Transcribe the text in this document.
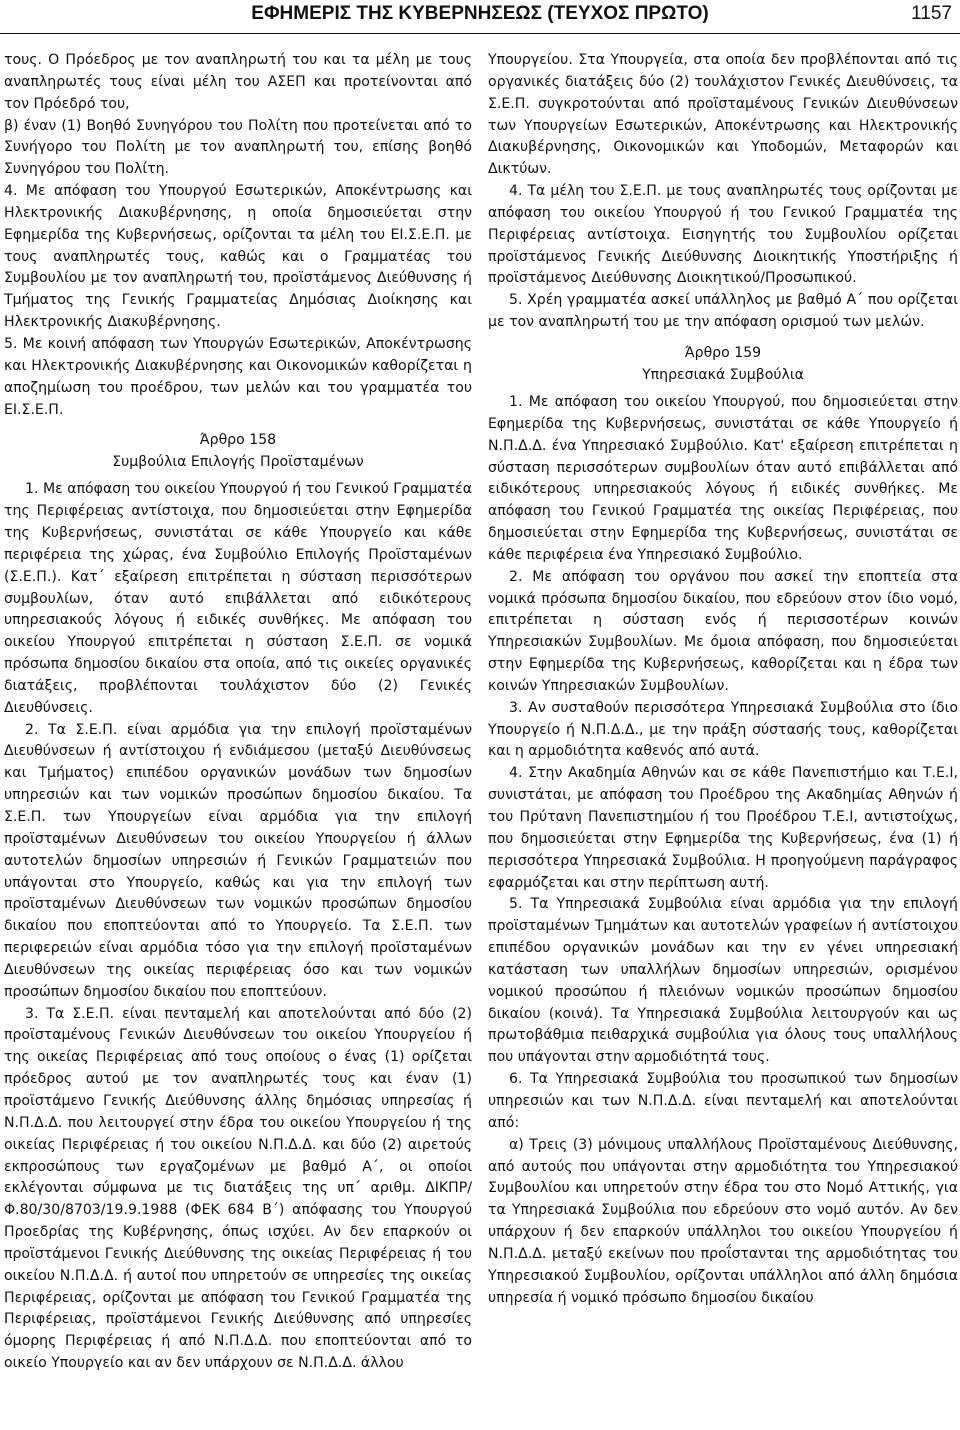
ΕΦΗΜΕΡΙΣ ΤΗΣ ΚΥΒΕΡΝΗΣΕΩΣ (ΤΕΥΧΟΣ ΠΡΩΤΟ)	1157

τους. Ο Πρόεδρος με τον αναπληρωτή του και τα μέλη με τους αναπληρωτές τους είναι μέλη του ΑΣΕΠ και προτείνονται από τον Πρόεδρό του,

β) έναν (1) Βοηθό Συνηγόρου του Πολίτη που προτείνεται από το Συνήγορο του Πολίτη με τον αναπληρωτή του, επίσης βοηθό Συνηγόρου του Πολίτη.

4. Με απόφαση του Υπουργού Εσωτερικών, Αποκέντρωσης και Ηλεκτρονικής Διακυβέρνησης, η οποία δημοσιεύεται στην Εφημερίδα της Κυβερνήσεως, ορίζονται τα μέλη του ΕΙ.Σ.Ε.Π. με τους αναπληρωτές τους, καθώς και ο Γραμματέας του Συμβουλίου με τον αναπληρωτή του, προϊστάμενος Διεύθυνσης ή Τμήματος της Γενικής Γραμματείας Δημόσιας Διοίκησης και Ηλεκτρονικής Διακυβέρνησης.

5. Με κοινή απόφαση των Υπουργών Εσωτερικών, Αποκέντρωσης και Ηλεκτρονικής Διακυβέρνησης και Οικονομικών καθορίζεται η αποζημίωση του προέδρου, των μελών και του γραμματέα του ΕΙ.Σ.Ε.Π.

Άρθρο 158
Συμβούλια Επιλογής Προϊσταμένων

1. Με απόφαση του οικείου Υπουργού ή του Γενικού Γραμματέα της Περιφέρειας αντίστοιχα, που δημοσιεύεται στην Εφημερίδα της Κυβερνήσεως, συνιστάται σε κάθε Υπουργείο και κάθε περιφέρεια της χώρας, ένα Συμβούλιο Επιλογής Προϊσταμένων (Σ.Ε.Π.). Κατ΄ εξαίρεση επιτρέπεται η σύσταση περισσότερων συμβουλίων, όταν αυτό επιβάλλεται από ειδικότερους υπηρεσιακούς λόγους ή ειδικές συνθήκες. Με απόφαση του οικείου Υπουργού επιτρέπεται η σύσταση Σ.Ε.Π. σε νομικά πρόσωπα δημοσίου δικαίου στα οποία, από τις οικείες οργανικές διατάξεις, προβλέπονται τουλάχιστον δύο (2) Γενικές Διευθύνσεις.

2. Τα Σ.Ε.Π. είναι αρμόδια για την επιλογή προϊσταμένων Διευθύνσεων ή αντίστοιχου ή ενδιάμεσου (μεταξύ Διευθύνσεως και Τμήματος) επιπέδου οργανικών μονάδων των δημοσίων υπηρεσιών και των νομικών προσώπων δημοσίου δικαίου. Τα Σ.Ε.Π. των Υπουργείων είναι αρμόδια για την επιλογή προϊσταμένων Διευθύνσεων του οικείου Υπουργείου ή άλλων αυτοτελών δημοσίων υπηρεσιών ή Γενικών Γραμματειών που υπάγονται στο Υπουργείο, καθώς και για την επιλογή των προϊσταμένων Διευθύνσεων των νομικών προσώπων δημοσίου δικαίου που εποπτεύονται από το Υπουργείο. Τα Σ.Ε.Π. των περιφερειών είναι αρμόδια τόσο για την επιλογή προϊσταμένων Διευθύνσεων της οικείας περιφέρειας όσο και των νομικών προσώπων δημοσίου δικαίου που εποπτεύουν.

3. Τα Σ.Ε.Π. είναι πενταμελή και αποτελούνται από δύο (2) προϊσταμένους Γενικών Διευθύνσεων του οικείου Υπουργείου ή της οικείας Περιφέρειας από τους οποίους ο ένας (1) ορίζεται πρόεδρος αυτού με τον αναπληρωτές τους και έναν (1) προϊστάμενο Γενικής Διεύθυνσης άλλης δημόσιας υπηρεσίας ή Ν.Π.Δ.Δ. που λειτουργεί στην έδρα του οικείου Υπουργείου ή της οικείας Περιφέρειας ή του οικείου Ν.Π.Δ.Δ. και δύο (2) αιρετούς εκπροσώπους των εργαζομένων με βαθμό Α΄, οι οποίοι εκλέγονται σύμφωνα με τις διατάξεις της υπ΄ αριθμ. ΔΙΚΠΡ/Φ.80/30/8703/19.9.1988 (ΦΕΚ 684 Β΄) απόφασης του Υπουργού Προεδρίας της Κυβέρνησης, όπως ισχύει. Αν δεν επαρκούν οι προϊστάμενοι Γενικής Διεύθυνσης της οικείας Περιφέρειας ή του οικείου Ν.Π.Δ.Δ. ή αυτοί που υπηρετούν σε υπηρεσίες της οικείας Περιφέρειας, ορίζονται με απόφαση του Γενικού Γραμματέα της Περιφέρειας, προϊστάμενοι Γενικής Διεύθυνσης από υπηρεσίες όμορης Περιφέρειας ή από Ν.Π.Δ.Δ. που εποπτεύονται από το οικείο Υπουργείο και αν δεν υπάρχουν σε Ν.Π.Δ.Δ. άλλου

Υπουργείου. Στα Υπουργεία, στα οποία δεν προβλέπονται από τις οργανικές διατάξεις δύο (2) τουλάχιστον Γενικές Διευθύνσεις, τα Σ.Ε.Π. συγκροτούνται από προϊσταμένους Γενικών Διευθύνσεων των Υπουργείων Εσωτερικών, Αποκέντρωσης και Ηλεκτρονικής Διακυβέρνησης, Οικονομικών και Υποδομών, Μεταφορών και Δικτύων.

4. Τα μέλη του Σ.Ε.Π. με τους αναπληρωτές τους ορίζονται με απόφαση του οικείου Υπουργού ή του Γενικού Γραμματέα της Περιφέρειας αντίστοιχα. Εισηγητής του Συμβουλίου ορίζεται προϊστάμενος Γενικής Διεύθυνσης Διοικητικής Υποστήριξης ή προϊστάμενος Διεύθυνσης Διοικητικού/Προσωπικού.

5. Χρέη γραμματέα ασκεί υπάλληλος με βαθμό Α΄ που ορίζεται με τον αναπληρωτή του με την απόφαση ορισμού των μελών.

Άρθρο 159
Υπηρεσιακά Συμβούλια

1. Με απόφαση του οικείου Υπουργού, που δημοσιεύεται στην Εφημερίδα της Κυβερνήσεως, συνιστάται σε κάθε Υπουργείο ή Ν.Π.Δ.Δ. ένα Υπηρεσιακό Συμβούλιο. Κατ' εξαίρεση επιτρέπεται η σύσταση περισσότερων συμβουλίων όταν αυτό επιβάλλεται από ειδικότερους υπηρεσιακούς λόγους ή ειδικές συνθήκες. Με απόφαση του Γενικού Γραμματέα της οικείας Περιφέρειας, που δημοσιεύεται στην Εφημερίδα της Κυβερνήσεως, συνιστάται σε κάθε περιφέρεια ένα Υπηρεσιακό Συμβούλιο.

2. Με απόφαση του οργάνου που ασκεί την εποπτεία στα νομικά πρόσωπα δημοσίου δικαίου, που εδρεύουν στον ίδιο νομό, επιτρέπεται η σύσταση ενός ή περισσοτέρων κοινών Υπηρεσιακών Συμβουλίων. Με όμοια απόφαση, που δημοσιεύεται στην Εφημερίδα της Κυβερνήσεως, καθορίζεται και η έδρα των κοινών Υπηρεσιακών Συμβουλίων.

3. Αν συσταθούν περισσότερα Υπηρεσιακά Συμβούλια στο ίδιο Υπουργείο ή Ν.Π.Δ.Δ., με την πράξη σύστασής τους, καθορίζεται και η αρμοδιότητα καθενός από αυτά.

4. Στην Ακαδημία Αθηνών και σε κάθε Πανεπιστήμιο και Τ.Ε.Ι, συνιστάται, με απόφαση του Προέδρου της Ακαδημίας Αθηνών ή του Πρύτανη Πανεπιστημίου ή του Προέδρου Τ.Ε.Ι, αντιστοίχως, που δημοσιεύεται στην Εφημερίδα της Κυβερνήσεως, ένα (1) ή περισσότερα Υπηρεσιακά Συμβούλια. Η προηγούμενη παράγραφος εφαρμόζεται και στην περίπτωση αυτή.

5. Τα Υπηρεσιακά Συμβούλια είναι αρμόδια για την επιλογή προϊσταμένων Τμημάτων και αυτοτελών γραφείων ή αντίστοιχου επιπέδου οργανικών μονάδων και την εν γένει υπηρεσιακή κατάσταση των υπαλλήλων δημοσίων υπηρεσιών, ορισμένου νομικού προσώπου ή πλειόνων νομικών προσώπων δημοσίου δικαίου (κοινά). Τα Υπηρεσιακά Συμβούλια λειτουργούν και ως πρωτοβάθμια πειθαρχικά συμβούλια για όλους τους υπαλλήλους που υπάγονται στην αρμοδιότητά τους.

6. Τα Υπηρεσιακά Συμβούλια του προσωπικού των δημοσίων υπηρεσιών και των Ν.Π.Δ.Δ. είναι πενταμελή και αποτελούνται από:

α) Τρεις (3) μόνιμους υπαλλήλους Προϊσταμένους Διεύθυνσης, από αυτούς που υπάγονται στην αρμοδιότητα του Υπηρεσιακού Συμβουλίου και υπηρετούν στην έδρα του στο Νομό Αττικής, για τα Υπηρεσιακά Συμβούλια που εδρεύουν στο νομό αυτόν. Αν δεν υπάρχουν ή δεν επαρκούν υπάλληλοι του οικείου Υπουργείου ή Ν.Π.Δ.Δ. μεταξύ εκείνων που προΐστανται της αρμοδιότητας του Υπηρεσιακού Συμβουλίου, ορίζονται υπάλληλοι από άλλη δημόσια υπηρεσία ή νομικό πρόσωπο δημοσίου δικαίου
